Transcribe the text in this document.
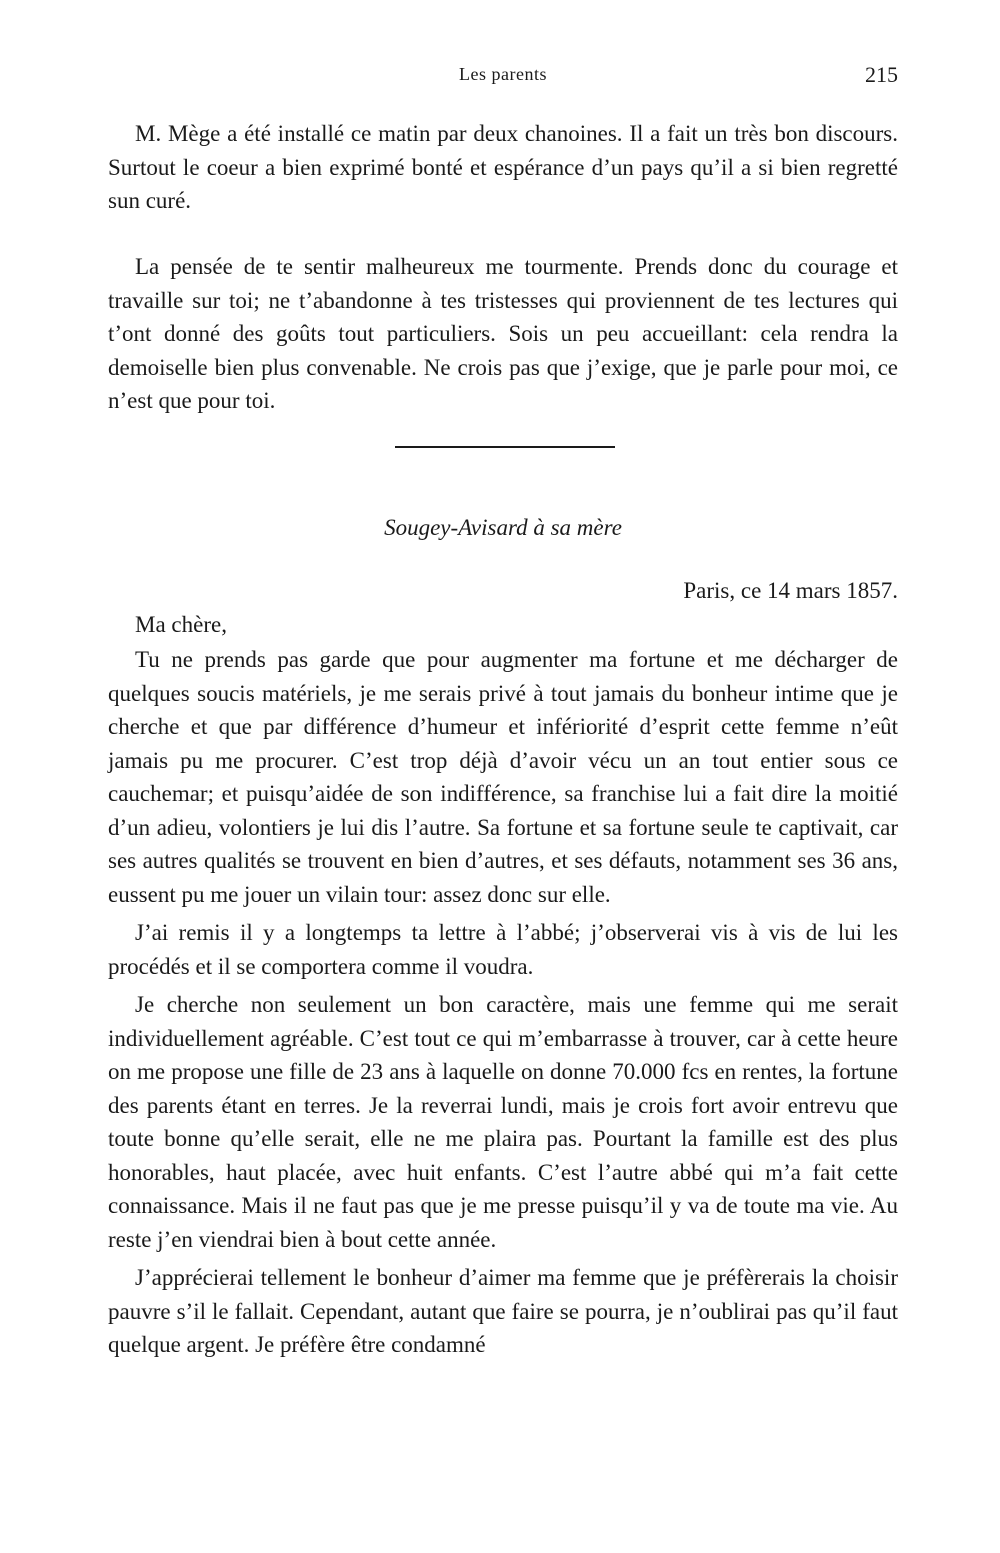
Les parents	215

M. Mège a été installé ce matin par deux chanoines. Il a fait un très bon discours. Surtout le coeur a bien exprimé bonté et espérance d’un pays qu’il a si bien regretté sun curé.

La pensée de te sentir malheureux me tourmente. Prends donc du courage et travaille sur toi; ne t’abandonne à tes tristesses qui proviennent de tes lectures qui t’ont donné des goûts tout particuliers. Sois un peu accueillant: cela rendra la demoiselle bien plus convenable. Ne crois pas que j’exige, que je parle pour moi, ce n’est que pour toi.

Sougey-Avisard à sa mère
Paris, ce 14 mars 1857.
Ma chère,

Tu ne prends pas garde que pour augmenter ma fortune et me décharger de quelques soucis matériels, je me serais privé à tout jamais du bonheur intime que je cherche et que par différence d’humeur et infériorité d’esprit cette femme n’eût jamais pu me procurer. C’est trop déjà d’avoir vécu un an tout entier sous ce cauchemar; et puisqu’aidée de son indifférence, sa franchise lui a fait dire la moitié d’un adieu, volontiers je lui dis l’autre. Sa fortune et sa fortune seule te captivait, car ses autres qualités se trouvent en bien d’autres, et ses défauts, notamment ses 36 ans, eussent pu me jouer un vilain tour: assez donc sur elle.

J’ai remis il y a longtemps ta lettre à l’abbé; j’observerai vis à vis de lui les procédés et il se comportera comme il voudra.

Je cherche non seulement un bon caractère, mais une femme qui me serait individuellement agréable. C’est tout ce qui m’embarrasse à trouver, car à cette heure on me propose une fille de 23 ans à laquelle on donne 70.000 fcs en rentes, la fortune des parents étant en terres. Je la reverrai lundi, mais je crois fort avoir entrevu que toute bonne qu’elle serait, elle ne me plaira pas. Pourtant la famille est des plus honorables, haut placée, avec huit enfants. C’est l’autre abbé qui m’a fait cette connaissance. Mais il ne faut pas que je me presse puisqu’il y va de toute ma vie. Au reste j’en viendrai bien à bout cette année.

J’apprécierai tellement le bonheur d’aimer ma femme que je préfèrerais la choisir pauvre s’il le fallait. Cependant, autant que faire se pourra, je n’oublirai pas qu’il faut quelque argent. Je préfère être condamné
